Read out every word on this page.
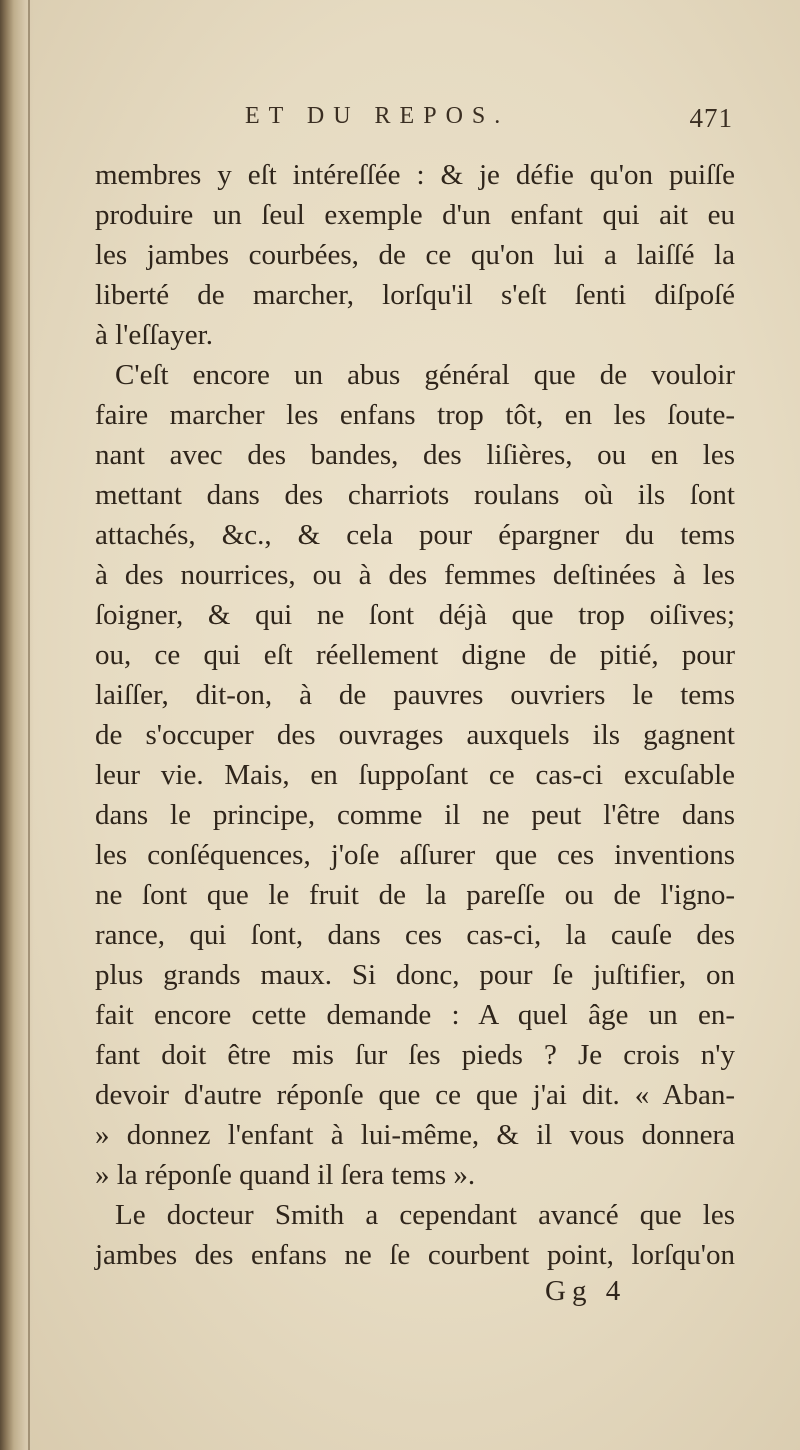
ET DU REPOS.	471
membres y eſt intéreſſée : & je défie qu'on puiſſe
produire un ſeul exemple d'un enfant qui ait eu
les jambes courbées, de ce qu'on lui a laiſſé la
liberté de marcher, lorſqu'il s'eſt ſenti diſpoſé
à l'eſſayer.
C'eſt encore un abus général que de vouloir
faire marcher les enfans trop tôt, en les ſoute-
nant avec des bandes, des liſières, ou en les
mettant dans des charriots roulans où ils ſont
attachés, &c., & cela pour épargner du tems
à des nourrices, ou à des femmes deſtinées à les
ſoigner, & qui ne ſont déjà que trop oiſives;
ou, ce qui eſt réellement digne de pitié, pour
laiſſer, dit-on, à de pauvres ouvriers le tems
de s'occuper des ouvrages auxquels ils gagnent
leur vie. Mais, en ſuppoſant ce cas-ci excuſable
dans le principe, comme il ne peut l'être dans
les conſéquences, j'oſe aſſurer que ces inventions
ne ſont que le fruit de la pareſſe ou de l'igno-
rance, qui ſont, dans ces cas-ci, la cauſe des
plus grands maux. Si donc, pour ſe juſtifier, on
fait encore cette demande : A quel âge un en-
fant doit être mis ſur ſes pieds ? Je crois n'y
devoir d'autre réponſe que ce que j'ai dit. « Aban-
» donnez l'enfant à lui-même, & il vous donnera
» la réponſe quand il ſera tems ».
Le docteur Smith a cependant avancé que les
jambes des enfans ne ſe courbent point, lorſqu'on
Gg 4
